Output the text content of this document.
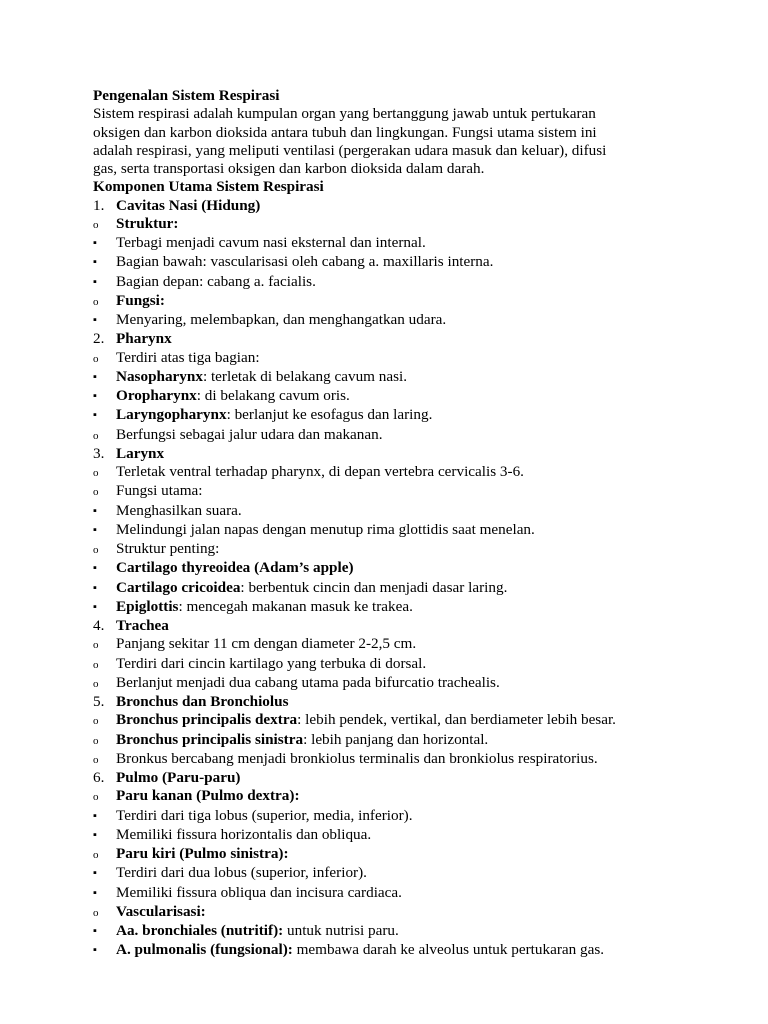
Pengenalan Sistem Respirasi
Sistem respirasi adalah kumpulan organ yang bertanggung jawab untuk pertukaran
oksigen dan karbon dioksida antara tubuh dan lingkungan. Fungsi utama sistem ini
adalah respirasi, yang meliputi ventilasi (pergerakan udara masuk dan keluar), difusi
gas, serta transportasi oksigen dan karbon dioksida dalam darah.
Komponen Utama Sistem Respirasi
1. Cavitas Nasi (Hidung)
o	Struktur:
▪	Terbagi menjadi cavum nasi eksternal dan internal.
▪	Bagian bawah: vascularisasi oleh cabang a. maxillaris interna.
▪	Bagian depan: cabang a. facialis.
o	Fungsi:
▪	Menyaring, melembapkan, dan menghangatkan udara.
2. Pharynx
o	Terdiri atas tiga bagian:
▪	Nasopharynx: terletak di belakang cavum nasi.
▪	Oropharynx: di belakang cavum oris.
▪	Laryngopharynx: berlanjut ke esofagus dan laring.
o	Berfungsi sebagai jalur udara dan makanan.
3. Larynx
o	Terletak ventral terhadap pharynx, di depan vertebra cervicalis 3-6.
o	Fungsi utama:
▪	Menghasilkan suara.
▪	Melindungi jalan napas dengan menutup rima glottidis saat menelan.
o	Struktur penting:
▪	Cartilago thyreoidea (Adam’s apple)
▪	Cartilago cricoidea: berbentuk cincin dan menjadi dasar laring.
▪	Epiglottis: mencegah makanan masuk ke trakea.
4. Trachea
o	Panjang sekitar 11 cm dengan diameter 2-2,5 cm.
o	Terdiri dari cincin kartilago yang terbuka di dorsal.
o	Berlanjut menjadi dua cabang utama pada bifurcatio trachealis.
5. Bronchus dan Bronchiolus
o	Bronchus principalis dextra: lebih pendek, vertikal, dan berdiameter lebih besar.
o	Bronchus principalis sinistra: lebih panjang dan horizontal.
o	Bronkus bercabang menjadi bronkiolus terminalis dan bronkiolus respiratorius.
6. Pulmo (Paru-paru)
o	Paru kanan (Pulmo dextra):
▪	Terdiri dari tiga lobus (superior, media, inferior).
▪	Memiliki fissura horizontalis dan obliqua.
o	Paru kiri (Pulmo sinistra):
▪	Terdiri dari dua lobus (superior, inferior).
▪	Memiliki fissura obliqua dan incisura cardiaca.
o	Vascularisasi:
▪	Aa. bronchiales (nutritif): untuk nutrisi paru.
▪	A. pulmonalis (fungsional): membawa darah ke alveolus untuk pertukaran gas.
